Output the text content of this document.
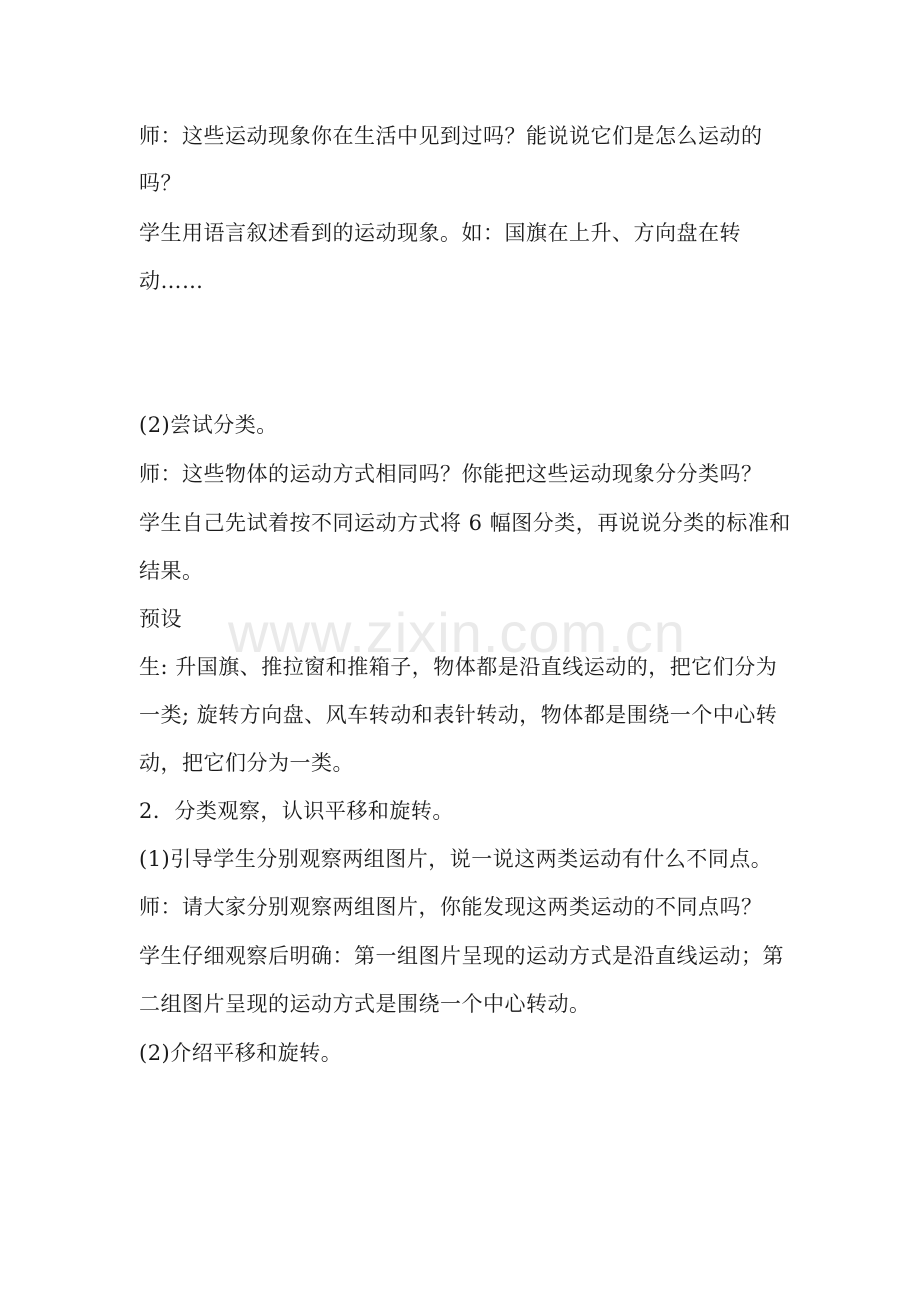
师：这些运动现象你在生活中见到过吗？能说说它们是怎么运动的

吗？

学生用语言叙述看到的运动现象。如：国旗在上升、方向盘在转

动……

(2)尝试分类。

师：这些物体的运动方式相同吗？你能把这些运动现象分分类吗？

学生自己先试着按不同运动方式将 6 幅图分类，再说说分类的标准和

结果。

预设

生: 升国旗、推拉窗和推箱子，物体都是沿直线运动的，把它们分为

一类; 旋转方向盘、风车转动和表针转动，物体都是围绕一个中心转

动，把它们分为一类。

2．分类观察，认识平移和旋转。

(1)引导学生分别观察两组图片，说一说这两类运动有什么不同点。

师：请大家分别观察两组图片，你能发现这两类运动的不同点吗？

学生仔细观察后明确：第一组图片呈现的运动方式是沿直线运动；第

二组图片呈现的运动方式是围绕一个中心转动。

(2)介绍平移和旋转。

www.zixin.com.cn
